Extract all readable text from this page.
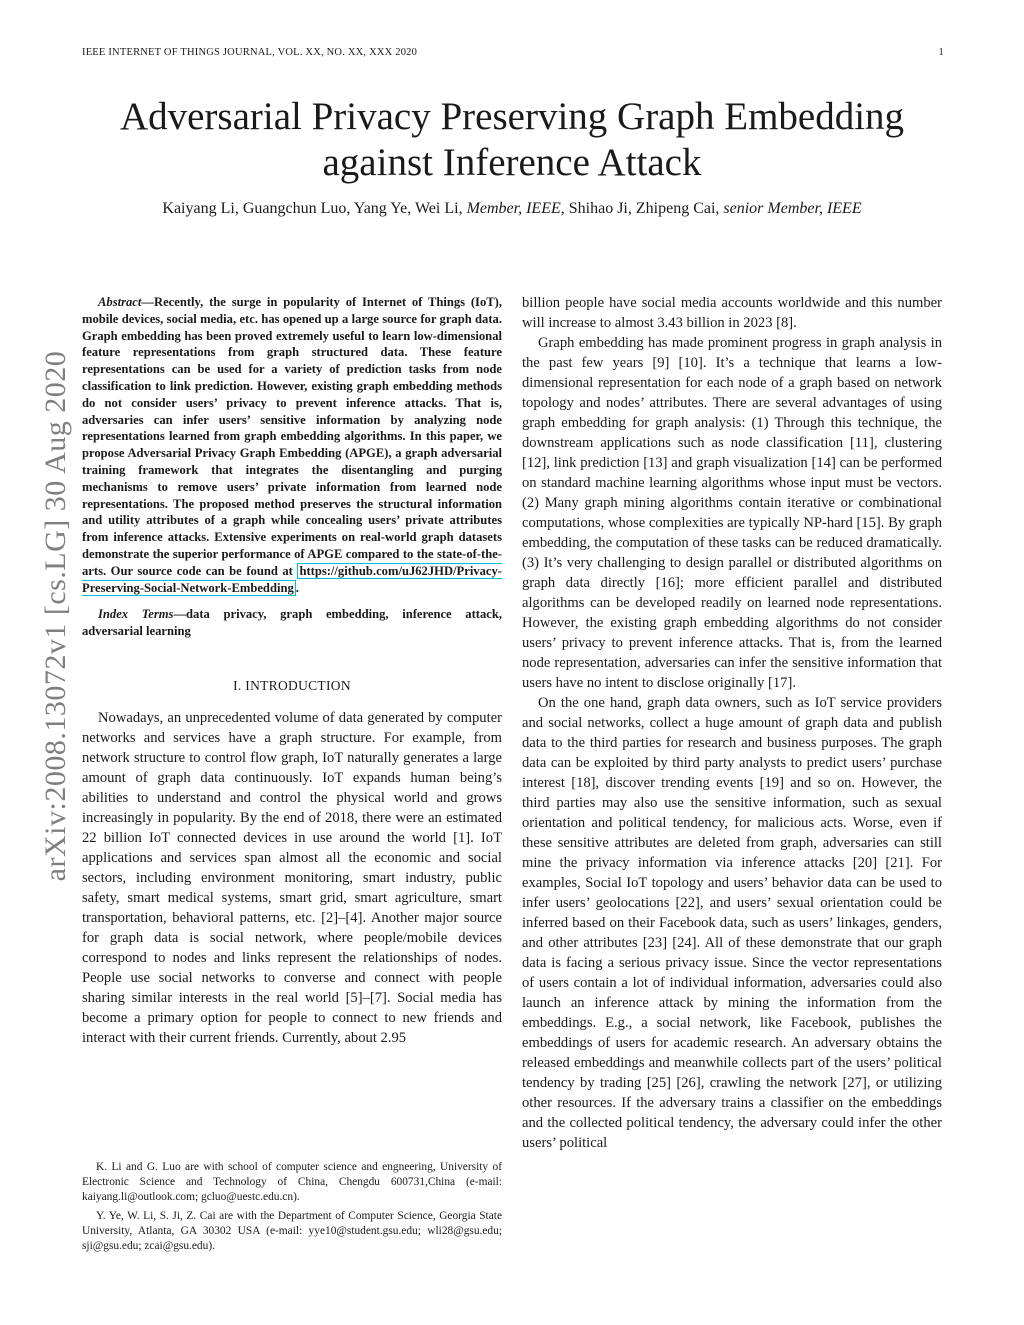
IEEE INTERNET OF THINGS JOURNAL, VOL. XX, NO. XX, XXX 2020	1
Adversarial Privacy Preserving Graph Embedding
against Inference Attack
Kaiyang Li, Guangchun Luo, Yang Ye, Wei Li, Member, IEEE, Shihao Ji, Zhipeng Cai, senior Member, IEEE
arXiv:2008.13072v1 [cs.LG] 30 Aug 2020

Abstract—Recently, the surge in popularity of Internet of Things (IoT), mobile devices, social media, etc. has opened up a large source for graph data. Graph embedding has been proved extremely useful to learn low-dimensional feature representations from graph structured data. These feature representations can be used for a variety of prediction tasks from node classification to link prediction. However, existing graph embedding methods do not consider users’ privacy to prevent inference attacks. That is, adversaries can infer users’ sensitive information by analyzing node representations learned from graph embedding algorithms. In this paper, we propose Adversarial Privacy Graph Embedding (APGE), a graph adversarial training framework that integrates the disentangling and purging mechanisms to remove users’ private information from learned node representations. The proposed method preserves the structural information and utility attributes of a graph while concealing users’ private attributes from inference attacks. Extensive experiments on real-world graph datasets demonstrate the superior performance of APGE compared to the state-of-the-arts. Our source code can be found at https://github.com/uJ62JHD/Privacy-Preserving-Social-Network-Embedding .

Index Terms—data privacy, graph embedding, inference attack, adversarial learning

I. INTRODUCTION

Nowadays, an unprecedented volume of data generated by computer networks and services have a graph structure. For example, from network structure to control flow graph, IoT naturally generates a large amount of graph data continuously. IoT expands human being’s abilities to understand and control the physical world and grows increasingly in popularity. By the end of 2018, there were an estimated 22 billion IoT connected devices in use around the world [1]. IoT applications and services span almost all the economic and social sectors, including environment monitoring, smart industry, public safety, smart medical systems, smart grid, smart agriculture, smart transportation, behavioral patterns, etc. [2]–[4]. Another major source for graph data is social network, where people/mobile devices correspond to nodes and links represent the relationships of nodes. People use social networks to converse and connect with people sharing similar interests in the real world [5]–[7]. Social media has become a primary option for people to connect to new friends and interact with their current friends. Currently, about 2.95

K. Li and G. Luo are with school of computer science and engneering, University of Electronic Science and Technology of China, Chengdu 600731,China (e-mail: kaiyang.li@outlook.com; gcluo@uestc.edu.cn).

Y. Ye, W. Li, S. Ji, Z. Cai are with the Department of Computer Science, Georgia State University, Atlanta, GA 30302 USA (e-mail: yye10@student.gsu.edu; wli28@gsu.edu; sji@gsu.edu; zcai@gsu.edu).

billion people have social media accounts worldwide and this number will increase to almost 3.43 billion in 2023 [8].

Graph embedding has made prominent progress in graph analysis in the past few years [9] [10]. It’s a technique that learns a low-dimensional representation for each node of a graph based on network topology and nodes’ attributes. There are several advantages of using graph embedding for graph analysis: (1) Through this technique, the downstream applications such as node classification [11], clustering [12], link prediction [13] and graph visualization [14] can be performed on standard machine learning algorithms whose input must be vectors. (2) Many graph mining algorithms contain iterative or combinational computations, whose complexities are typically NP-hard [15]. By graph embedding, the computation of these tasks can be reduced dramatically. (3) It’s very challenging to design parallel or distributed algorithms on graph data directly [16]; more efficient parallel and distributed algorithms can be developed readily on learned node representations. However, the existing graph embedding algorithms do not consider users’ privacy to prevent inference attacks. That is, from the learned node representation, adversaries can infer the sensitive information that users have no intent to disclose originally [17].

On the one hand, graph data owners, such as IoT service providers and social networks, collect a huge amount of graph data and publish data to the third parties for research and business purposes. The graph data can be exploited by third party analysts to predict users’ purchase interest [18], discover trending events [19] and so on. However, the third parties may also use the sensitive information, such as sexual orientation and political tendency, for malicious acts. Worse, even if these sensitive attributes are deleted from graph, adversaries can still mine the privacy information via inference attacks [20] [21]. For examples, Social IoT topology and users’ behavior data can be used to infer users’ geolocations [22], and users’ sexual orientation could be inferred based on their Facebook data, such as users’ linkages, genders, and other attributes [23] [24]. All of these demonstrate that our graph data is facing a serious privacy issue. Since the vector representations of users contain a lot of individual information, adversaries could also launch an inference attack by mining the information from the embeddings. E.g., a social network, like Facebook, publishes the embeddings of users for academic research. An adversary obtains the released embeddings and meanwhile collects part of the users’ political tendency by trading [25] [26], crawling the network [27], or utilizing other resources. If the adversary trains a classifier on the embeddings and the collected political tendency, the adversary could infer the other users’ political
